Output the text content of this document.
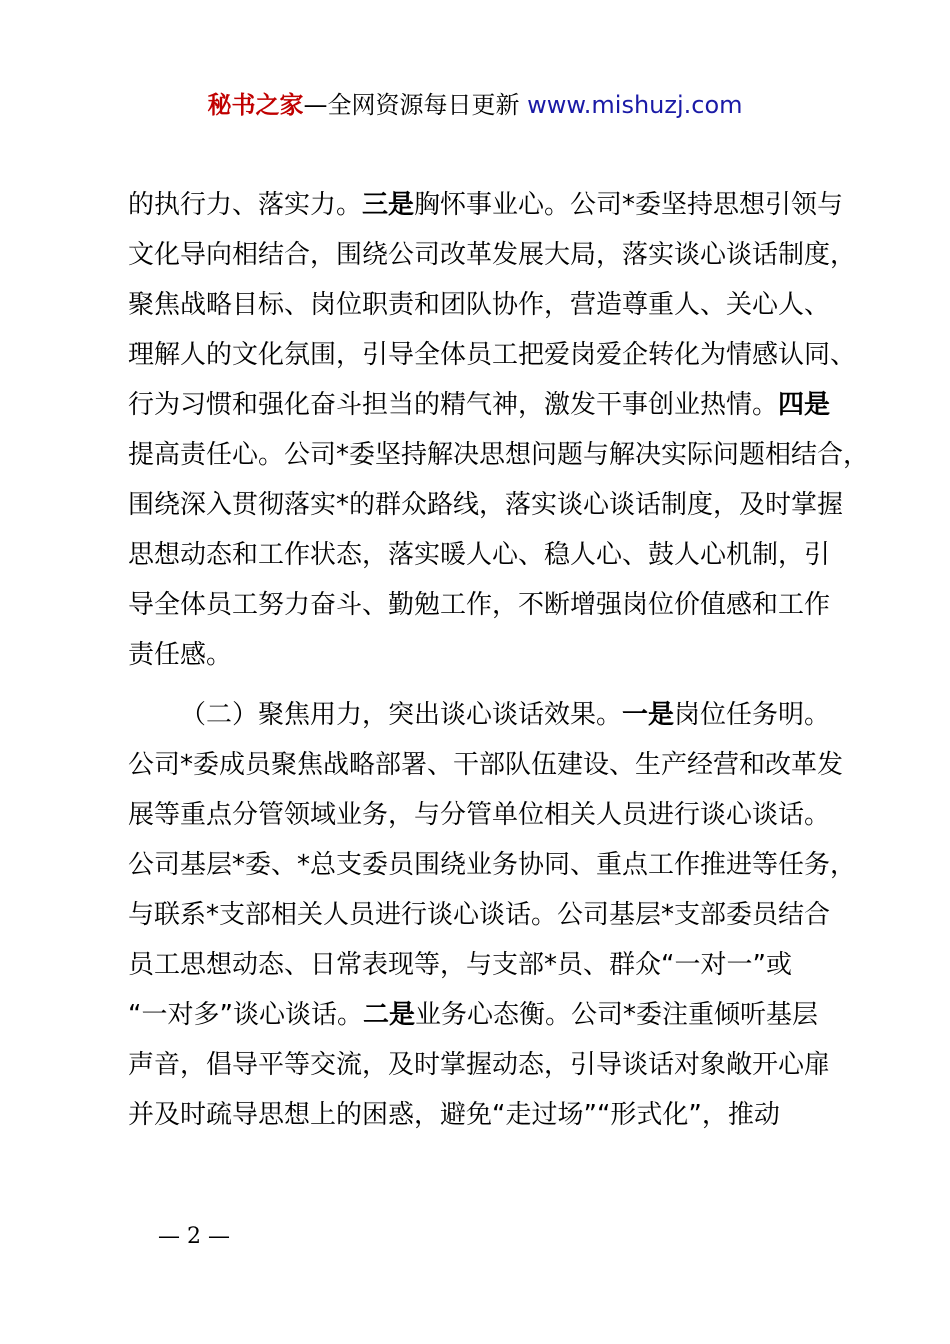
秘书之家—全网资源每日更新 www.mishuzj.com
的执行力、落实力。三是胸怀事业心。公司*委坚持思想引领与
文化导向相结合，围绕公司改革发展大局，落实谈心谈话制度，
聚焦战略目标、岗位职责和团队协作，营造尊重人、关心人、
理解人的文化氛围，引导全体员工把爱岗爱企转化为情感认同、
行为习惯和强化奋斗担当的精气神，激发干事创业热情。四是
提高责任心。公司*委坚持解决思想问题与解决实际问题相结合，
围绕深入贯彻落实*的群众路线，落实谈心谈话制度，及时掌握
思想动态和工作状态，落实暖人心、稳人心、鼓人心机制，引
导全体员工努力奋斗、勤勉工作，不断增强岗位价值感和工作
责任感。
（二）聚焦用力，突出谈心谈话效果。一是岗位任务明。
公司*委成员聚焦战略部署、干部队伍建设、生产经营和改革发
展等重点分管领域业务，与分管单位相关人员进行谈心谈话。
公司基层*委、*总支委员围绕业务协同、重点工作推进等任务，
与联系*支部相关人员进行谈心谈话。公司基层*支部委员结合
员工思想动态、日常表现等，与支部*员、群众“一对一”或
“一对多”谈心谈话。二是业务心态衡。公司*委注重倾听基层
声音，倡导平等交流，及时掌握动态，引导谈话对象敞开心扉
并及时疏导思想上的困惑，避免“走过场”“形式化”，推动
— 2 —
